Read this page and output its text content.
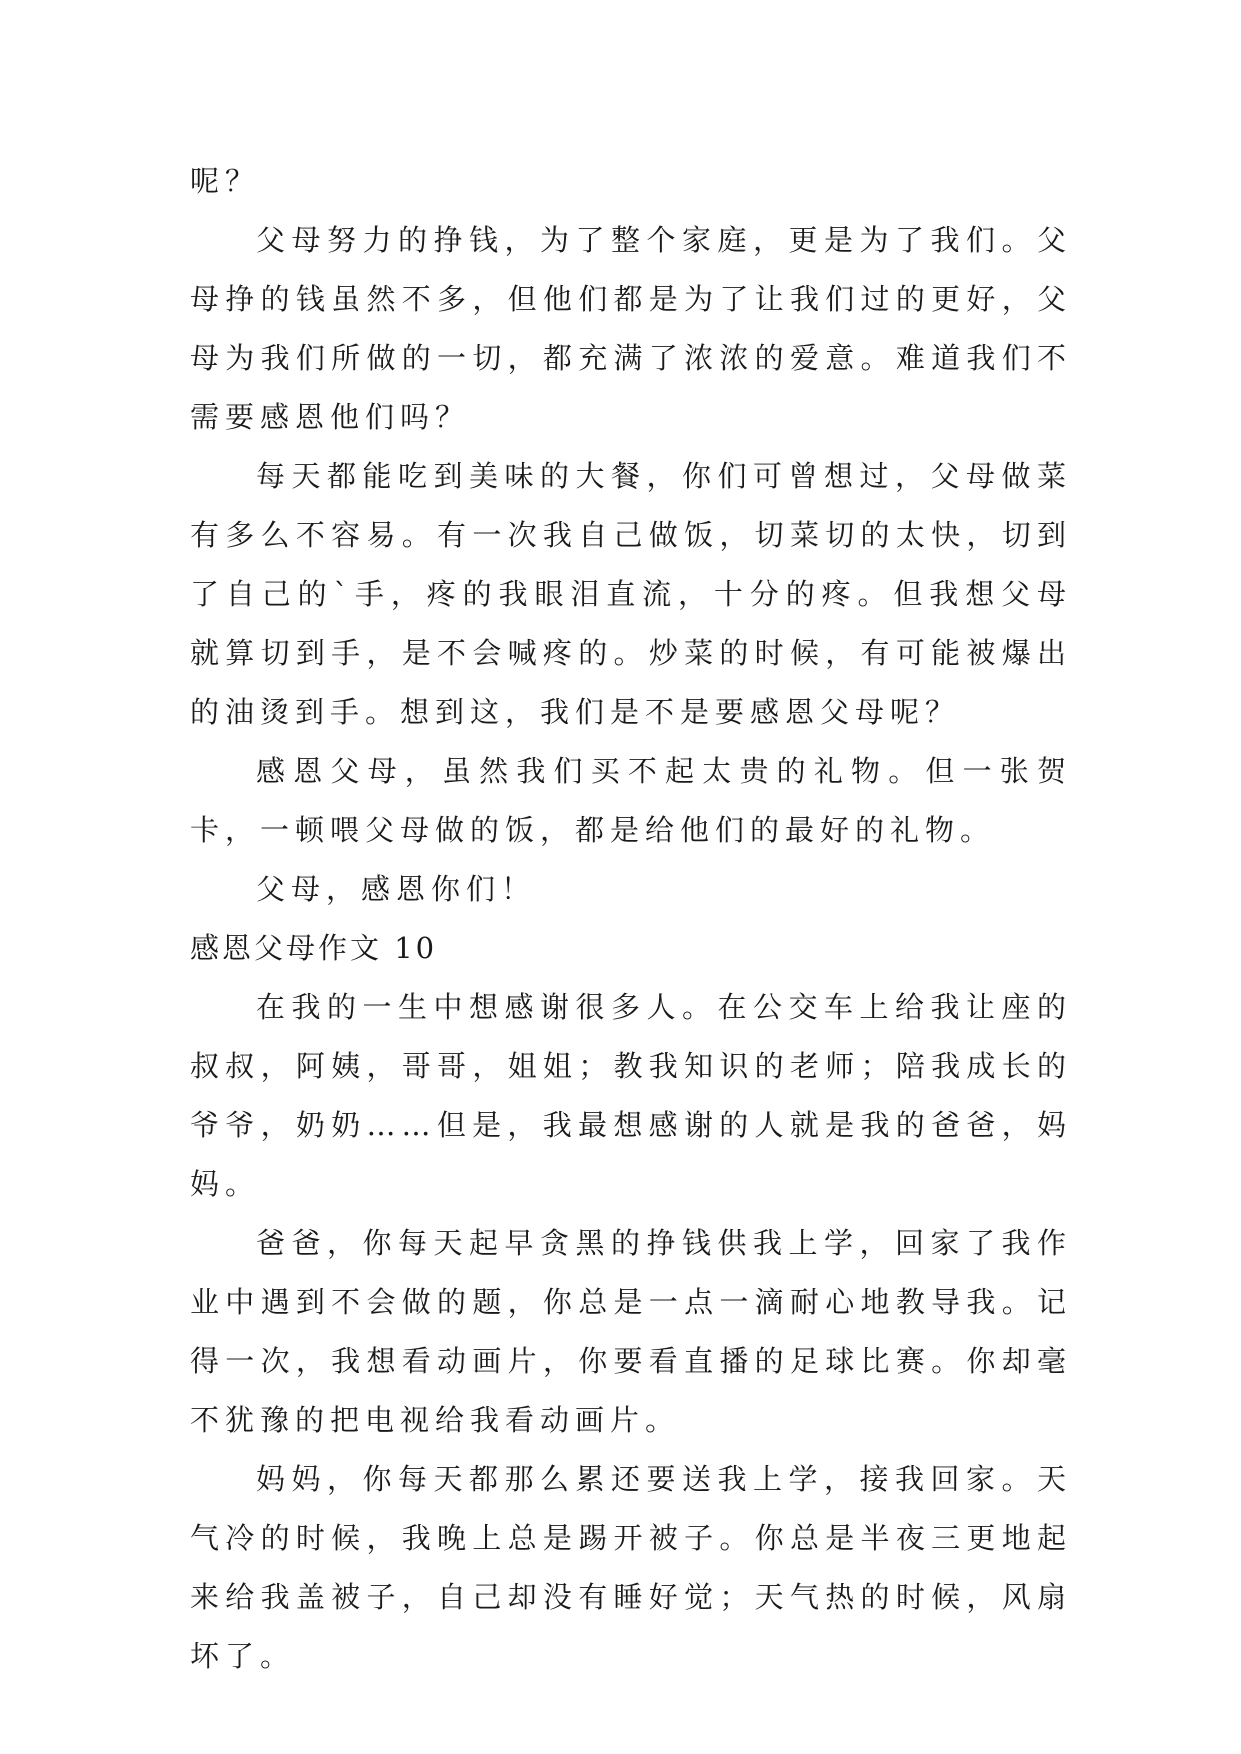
呢？

父母努力的挣钱，为了整个家庭，更是为了我们。父母挣的钱虽然不多，但他们都是为了让我们过的更好，父母为我们所做的一切，都充满了浓浓的爱意。难道我们不需要感恩他们吗？

每天都能吃到美味的大餐，你们可曾想过，父母做菜有多么不容易。有一次我自己做饭，切菜切的太快，切到了自己的`手，疼的我眼泪直流，十分的疼。但我想父母就算切到手，是不会喊疼的。炒菜的时候，有可能被爆出的油烫到手。想到这，我们是不是要感恩父母呢？

感恩父母，虽然我们买不起太贵的礼物。但一张贺卡，一顿喂父母做的饭，都是给他们的最好的礼物。

父母，感恩你们！

感恩父母作文 10

在我的一生中想感谢很多人。在公交车上给我让座的叔叔，阿姨，哥哥，姐姐；教我知识的老师；陪我成长的爷爷，奶奶……但是，我最想感谢的人就是我的爸爸，妈妈。

爸爸，你每天起早贪黑的挣钱供我上学，回家了我作业中遇到不会做的题，你总是一点一滴耐心地教导我。记得一次，我想看动画片，你要看直播的足球比赛。你却毫不犹豫的把电视给我看动画片。

妈妈，你每天都那么累还要送我上学，接我回家。天气冷的时候，我晚上总是踢开被子。你总是半夜三更地起来给我盖被子，自己却没有睡好觉；天气热的时候，风扇坏了。
